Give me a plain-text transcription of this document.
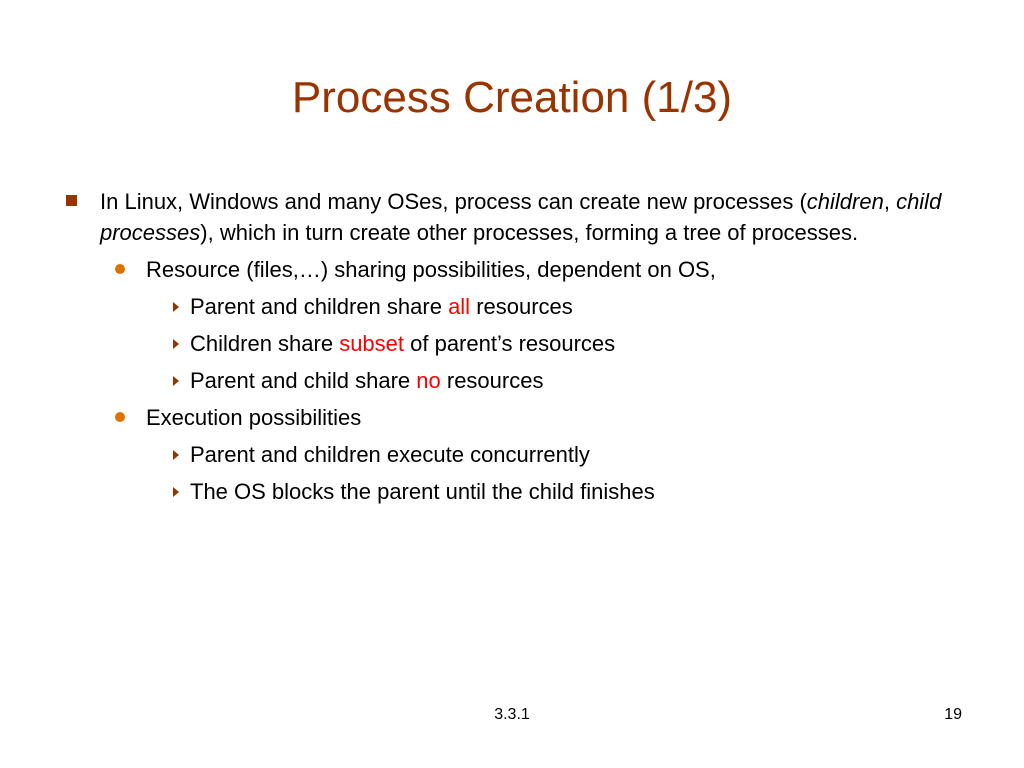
Process Creation (1/3)
In Linux, Windows and many OSes, process can create new processes (children, child processes), which in turn create other processes, forming a tree of processes.
Resource (files,…) sharing possibilities, dependent on OS,
Parent and children share all resources
Children share subset of parent’s resources
Parent and child share no resources
Execution possibilities
Parent and children execute concurrently
The OS blocks the parent until the child finishes
3.3.1	19
